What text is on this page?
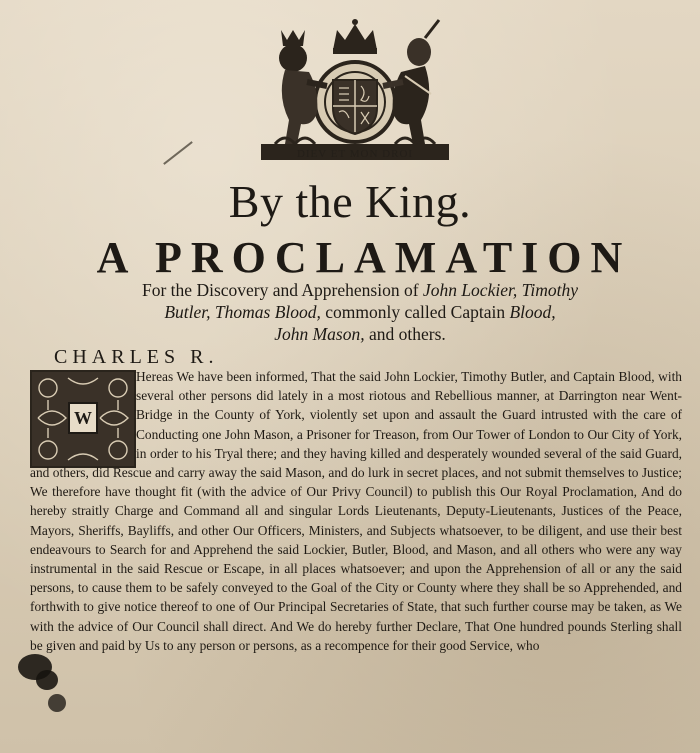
DIEV ET MON DROI
By the King.
A PROCLAMATION
For the Discovery and Apprehension of John Lockier, Timothy
Butler, Thomas Blood, commonly called Captain Blood,
John Mason, and others.
CHARLES R.
W
Hereas We have been informed, That the said John Lockier, Timothy Butler, and Captain Blood, with several other persons did lately in a most riotous and Rebellious manner, at Darrington near Went-Bridge in the County of York, violently set upon and assault the Guard intrusted with the care of Conducting one John Mason, a Prisoner for Treason, from Our Tower of London to Our City of York, in order to his Tryal there; and they having killed and desperately wounded several of the said Guard, and others, did Rescue and carry away the said Mason, and do lurk in secret places, and not submit themselves to Justice; We therefore have thought fit (with the advice of Our Privy Council) to publish this Our Royal Proclamation, And do hereby straitly Charge and Command all and singular Lords Lieutenants, Deputy-Lieutenants, Justices of the Peace, Mayors, Sheriffs, Bayliffs, and other Our Officers, Ministers, and Subjects whatsoever, to be diligent, and use their best endeavours to Search for and Apprehend the said Lockier, Butler, Blood, and Mason, and all others who were any way instrumental in the said Rescue or Escape, in all places whatsoever; and upon the Apprehension of all or any the said persons, to cause them to be safely conveyed to the Goal of the City or County where they shall be so Apprehended, and forthwith to give notice thereof to one of Our Principal Secretaries of State, that such further course may be taken, as We with the advice of Our Council shall direct. And We do hereby further Declare, That One hundred pounds Sterling shall be given and paid by Us to any person or persons, as a recompence for their good Service, who
